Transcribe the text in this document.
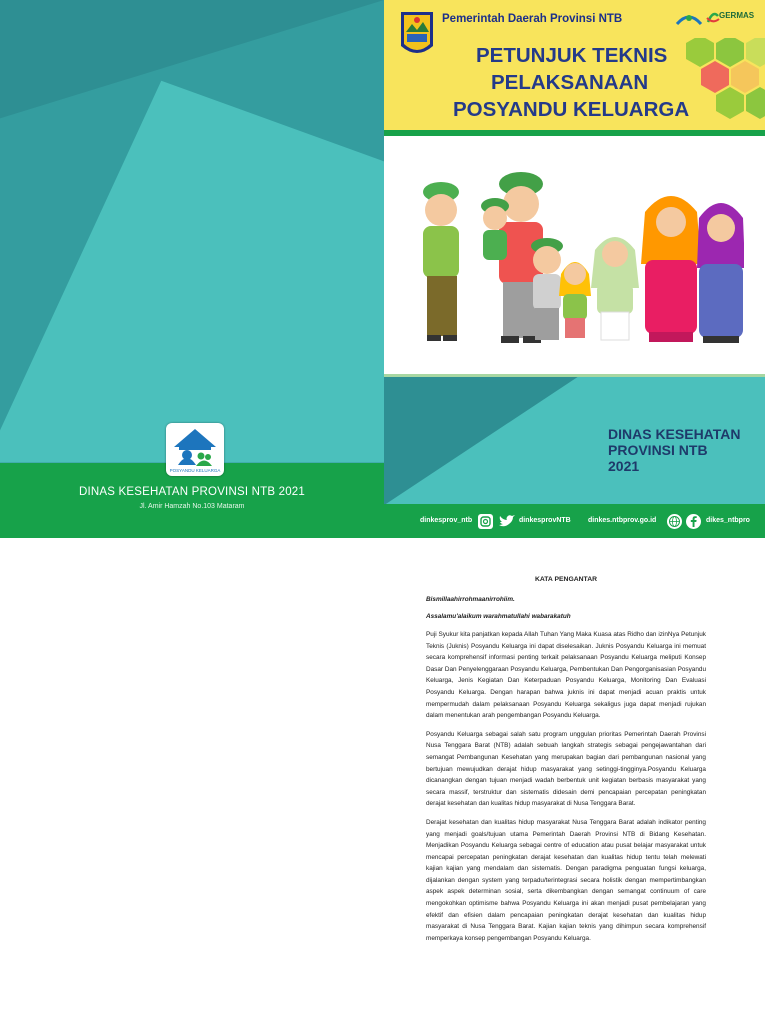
POSYANDU KELUARGA
DINAS KESEHATAN PROVINSI NTB 2021
Jl. Amir Hamzah No.103 Mataram
Pemerintah Daerah Provinsi NTB
	GERMAS
PETUNJUK TEKNIS
PELAKSANAAN
POSYANDU KELUARGA
DINAS KESEHATAN
PROVINSI NTB
2021
dinkesprov_ntb	dinkesprovNTB dinkes.ntbprov.go.id	dikes_ntbpro
KATA PENGANTAR
Bismillaahirrohmaanirrohiim.
Assalamu'alaikum warahmatullahi wabarakatuh

Puji Syukur kita panjatkan kepada Allah Tuhan Yang Maka Kuasa atas Ridho dan izinNya Petunjuk Teknis (Juknis) Posyandu Keluarga ini dapat diselesaikan. Juknis Posyandu Keluarga ini memuat secara komprehensif informasi penting terkait pelaksanaan Posyandu Keluarga meliputi Konsep Dasar Dan Penyelenggaraan Posyandu Keluarga, Pembentukan Dan Pengorganisasian Posyandu Keluarga, Jenis Kegiatan Dan Keterpaduan Posyandu Keluarga, Monitoring Dan Evaluasi Posyandu Keluarga. Dengan harapan bahwa juknis ini dapat menjadi acuan praktis untuk mempermudah dalam pelaksanaan Posyandu Keluarga sekaligus juga dapat menjadi rujukan dalam menentukan arah pengembangan Posyandu Keluarga.

Posyandu Keluarga sebagai salah satu program unggulan prioritas Pemerintah Daerah Provinsi Nusa Tenggara Barat (NTB) adalah sebuah langkah strategis sebagai pengejawantahan dari semangat Pembangunan Kesehatan yang merupakan bagian dari pembangunan nasional yang bertujuan mewujudkan derajat hidup masyarakat yang setinggi-tingginya.Posyandu Keluarga dicanangkan dengan tujuan menjadi wadah berbentuk unit kegiatan berbasis masyarakat yang secara massif, terstruktur dan sistematis didesain demi pencapaian percepatan peningkatan derajat kesehatan dan kualitas hidup masyarakat di Nusa Tenggara Barat.

Derajat kesehatan dan kualitas hidup masyarakat Nusa Tenggara Barat adalah indikator penting yang menjadi goals/tujuan utama Pemerintah Daerah Provinsi NTB di Bidang Kesehatan. Menjadikan Posyandu Keluarga sebagai centre of education atau pusat belajar masyarakat untuk mencapai percepatan peningkatan derajat kesehatan dan kualitas hidup tentu telah melewati kajian kajian yang mendalam dan sistematis. Dengan paradigma penguatan fungsi keluarga, dijalankan dengan system yang terpadu/terintegrasi secara holistik dengan mempertimbangkan aspek aspek determinan sosial, serta dikembangkan dengan semangat continuum of care mengokohkan optimisme bahwa Posyandu Keluarga ini akan menjadi pusat pembelajaran yang efektif dan efisien dalam pencapaian peningkatan derajat kesehatan dan kualitas hidup masyarakat di Nusa Tenggara Barat. Kajian kajian teknis yang dihimpun secara komprehensif memperkaya konsep pengembangan Posyandu Keluarga.
